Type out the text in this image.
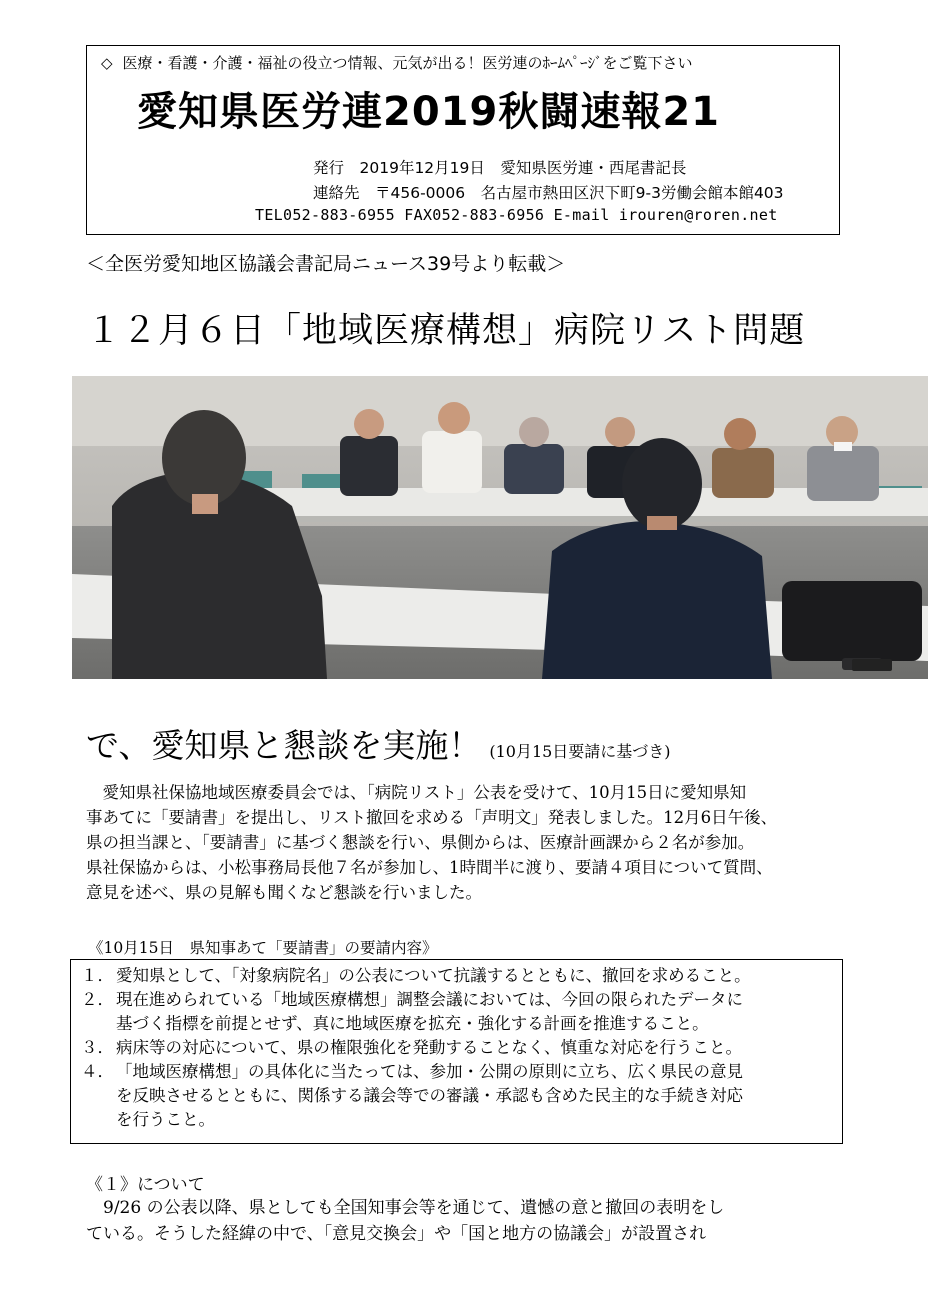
◇ 医療・看護・介護・福祉の役立つ情報、元気が出る！医労連のﾎｰﾑﾍﾟｰｼﾞをご覧下さい
愛知県医労連2019秋闘速報21
発行　2019年12月19日　愛知県医労連・西尾書記長
連絡先　〒456-0006　名古屋市熱田区沢下町9-3労働会館本館403
TEL052-883-6955 FAX052-883-6956 E-mail irouren@roren.net
＜全医労愛知地区協議会書記局ニュース39号より転載＞
１２月６日「地域医療構想」病院リスト問題
で、愛知県と懇談を実施！ (10月15日要請に基づき)
　愛知県社保協地域医療委員会では、「病院リスト」公表を受けて、10月15日に愛知県知
事あてに「要請書」を提出し、リスト撤回を求める「声明文」発表しました。12月6日午後、
県の担当課と、「要請書」に基づく懇談を行い、県側からは、医療計画課から２名が参加。
県社保協からは、小松事務局長他７名が参加し、1時間半に渡り、要請４項目について質問、
意見を述べ、県の見解も聞くなど懇談を行いました。
《10月15日　県知事あて「要請書」の要請内容》
１． 愛知県として、「対象病院名」の公表について抗議するとともに、撤回を求めること。
２． 現在進められている「地域医療構想」調整会議においては、今回の限られたデータに
基づく指標を前提とせず、真に地域医療を拡充・強化する計画を推進すること。
３． 病床等の対応について、県の権限強化を発動することなく、慎重な対応を行うこと。
４． 「地域医療構想」の具体化に当たっては、参加・公開の原則に立ち、広く県民の意見
を反映させるとともに、関係する議会等での審議・承認も含めた民主的な手続き対応
を行うこと。
《１》について
　9/26 の公表以降、県としても全国知事会等を通じて、遺憾の意と撤回の表明をし
ている。そうした経緯の中で、「意見交換会」や「国と地方の協議会」が設置され
